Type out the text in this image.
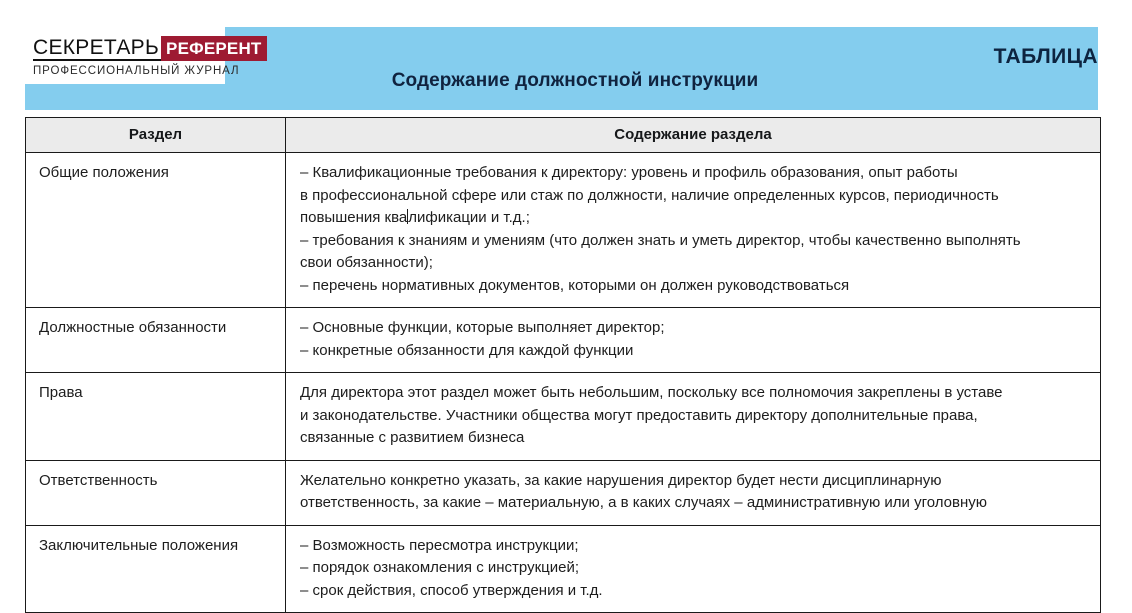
СЕКРЕТАРЬ РЕФЕРЕНТ
ПРОФЕССИОНАЛЬНЫЙ ЖУРНАЛ	Содержание должностной инструкции
ТАБЛИЦА
Раздел	Содержание раздела
Общие положения	– Квалификационные требования к директору: уровень и профиль образования, опыт работы

в профессиональной сфере или стаж по должности, наличие определенных курсов, периодичность

повышения квалификации и т.д.;

– требования к знаниям и умениям (что должен знать и уметь директор, чтобы качественно выполнять

свои обязанности);

– перечень нормативных документов, которыми он должен руководствоваться

Должностные обязанности	– Основные функции, которые выполняет директор;

– конкретные обязанности для каждой функции

Права	Для директора этот раздел может быть небольшим, поскольку все полномочия закреплены в уставе

и законодательстве. Участники общества могут предоставить директору дополнительные права,

связанные с развитием бизнеса

Ответственность	Желательно конкретно указать, за какие нарушения директор будет нести дисциплинарную

ответственность, за какие – материальную, а в каких случаях – административную или уголовную

Заключительные положения	– Возможность пересмотра инструкции;

– порядок ознакомления с инструкцией;

– срок действия, способ утверждения и т.д.
